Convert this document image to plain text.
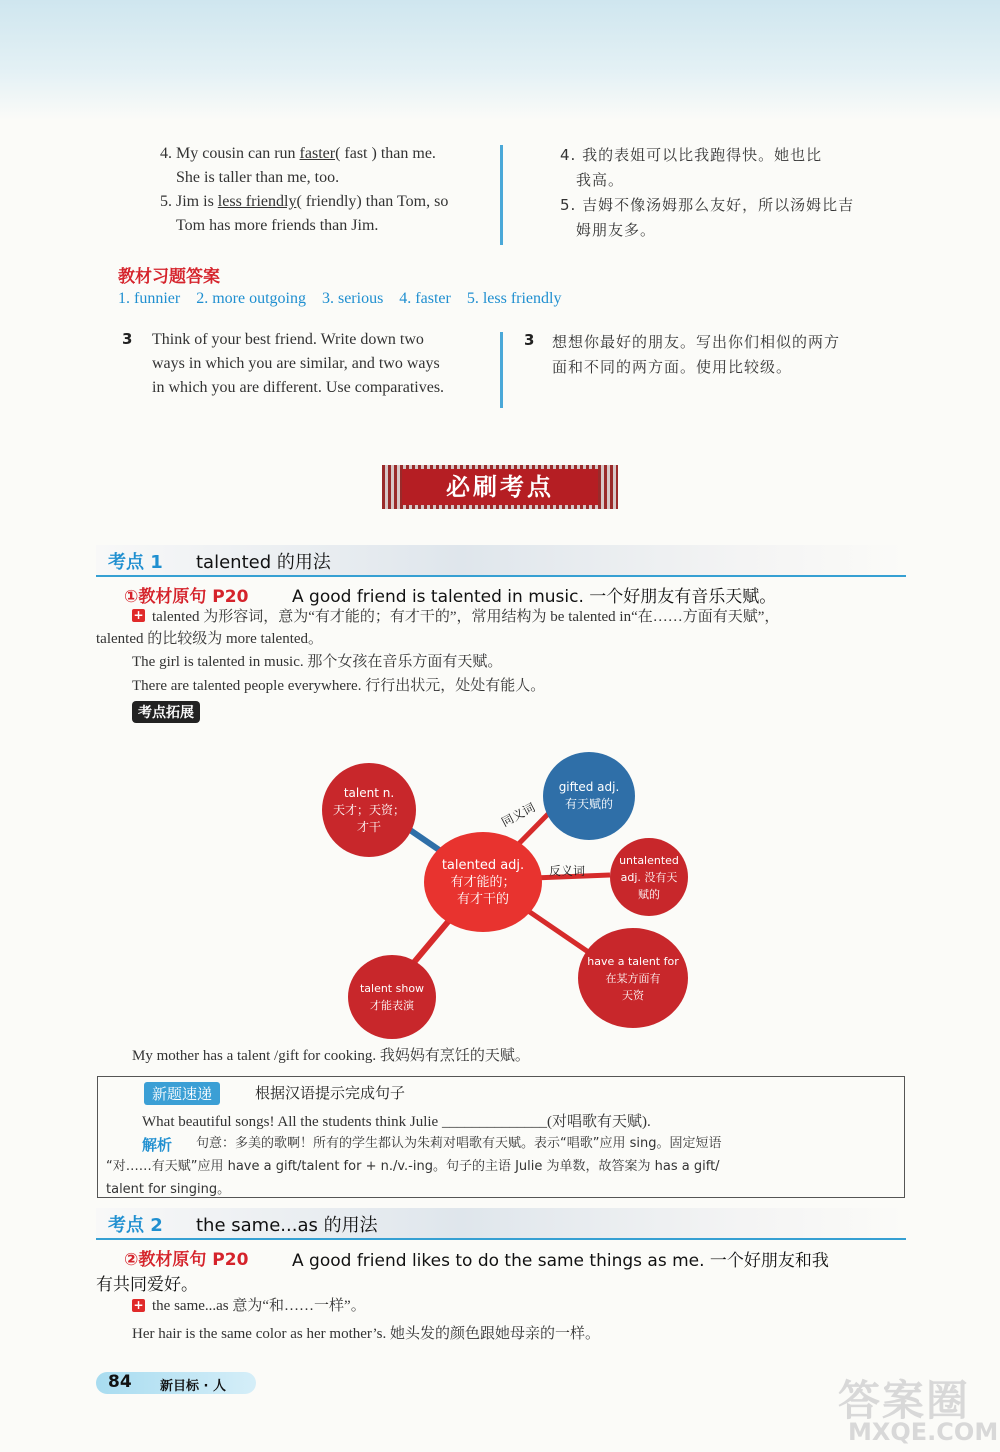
4. My cousin can run faster( fast ) than me.
She is taller than me, too.
5. Jim is less friendly( friendly) than Tom, so
Tom has more friends than Jim.
4. 我的表姐可以比我跑得快。她也比
我高。
5. 吉姆不像汤姆那么友好，所以汤姆比吉
姆朋友多。
教材习题答案
1. funnier 2. more outgoing 3. serious 4. faster 5. less friendly
3 Think of your best friend. Write down two
ways in which you are similar, and two ways
in which you are different. Use comparatives.
3 想想你最好的朋友。写出你们相似的两方
面和不同的两方面。使用比较级。
必刷考点
考点 1 talented 的用法
①教材原句 P20	A good friend is talented in music. 一个好朋友有音乐天赋。
+ talented 为形容词，意为“有才能的；有才干的”，常用结构为 be talented in“在……方面有天赋”，
talented 的比较级为 more talented。
The girl is talented in music. 那个女孩在音乐方面有天赋。
There are talented people everywhere. 行行出状元，处处有能人。
考点拓展
talent n.
天才；天资；
才干
gifted adj.
有天赋的
talented adj.
有才能的；
有才干的
untalented
adj. 没有天
赋的
have a talent for
在某方面有
天资
talent show
才能表演
同义词
反义词
My mother has a talent /gift for cooking. 我妈妈有烹饪的天赋。
新题速递	根据汉语提示完成句子
What beautiful songs! All the students think Julie ______________(对唱歌有天赋).
解析 句意：多美的歌啊！所有的学生都认为朱莉对唱歌有天赋。表示“唱歌”应用 sing。固定短语
“对……有天赋”应用 have a gift/talent for + n./v.-ing。句子的主语 Julie 为单数，故答案为 has a gift/
talent for singing。
考点 2 the same...as 的用法
②教材原句 P20	A good friend likes to do the same things as me. 一个好朋友和我
有共同爱好。
+ the same...as 意为“和……一样”。
Her hair is the same color as her mother’s. 她头发的颜色跟她母亲的一样。
84 新目标 · 人	答案圈
MXQE.COM
